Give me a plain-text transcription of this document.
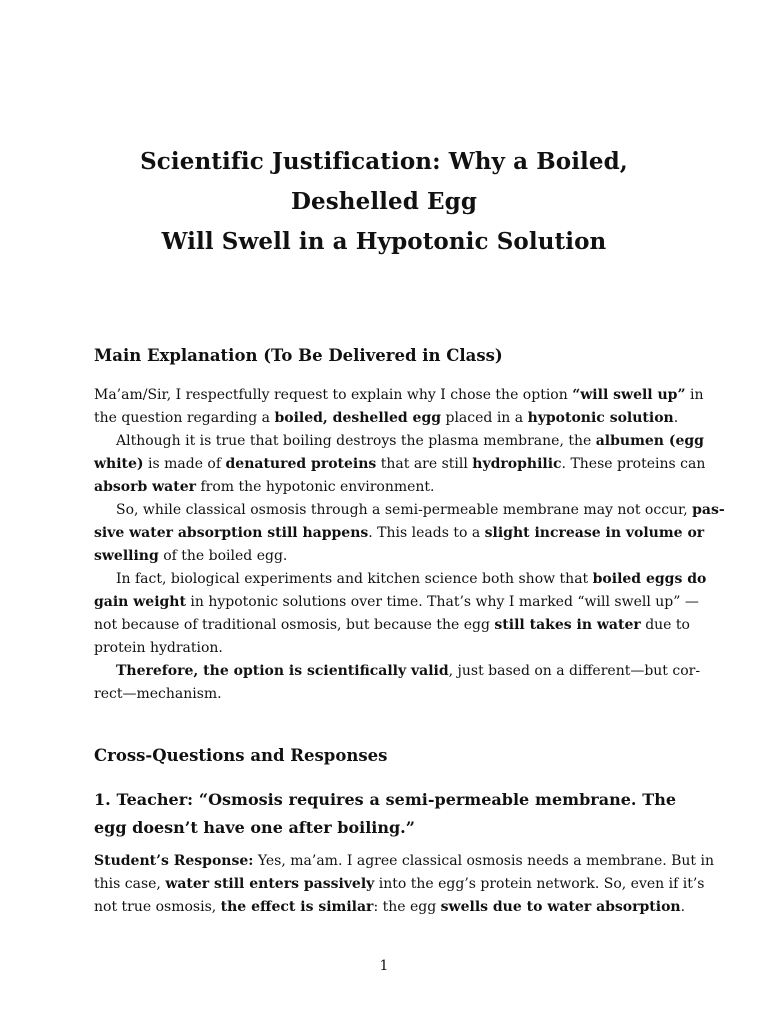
Scientific Justification: Why a Boiled,
Deshelled Egg
Will Swell in a Hypotonic Solution
Main Explanation (To Be Delivered in Class)
Ma’am/Sir, I respectfully request to explain why I chose the option “will swell up” in
the question regarding a boiled, deshelled egg placed in a hypotonic solution.
Although it is true that boiling destroys the plasma membrane, the albumen (egg
white) is made of denatured proteins that are still hydrophilic. These proteins can
absorb water from the hypotonic environment.
So, while classical osmosis through a semi-permeable membrane may not occur, pas-
sive water absorption still happens. This leads to a slight increase in volume or
swelling of the boiled egg.
In fact, biological experiments and kitchen science both show that boiled eggs do
gain weight in hypotonic solutions over time. That’s why I marked “will swell up” —
not because of traditional osmosis, but because the egg still takes in water due to
protein hydration.
Therefore, the option is scientifically valid, just based on a different—but cor-
rect—mechanism.
Cross-Questions and Responses
1. Teacher: “Osmosis requires a semi-permeable membrane. The
egg doesn’t have one after boiling.”
Student’s Response: Yes, ma’am. I agree classical osmosis needs a membrane. But in
this case, water still enters passively into the egg’s protein network. So, even if it’s
not true osmosis, the effect is similar: the egg swells due to water absorption.
1
